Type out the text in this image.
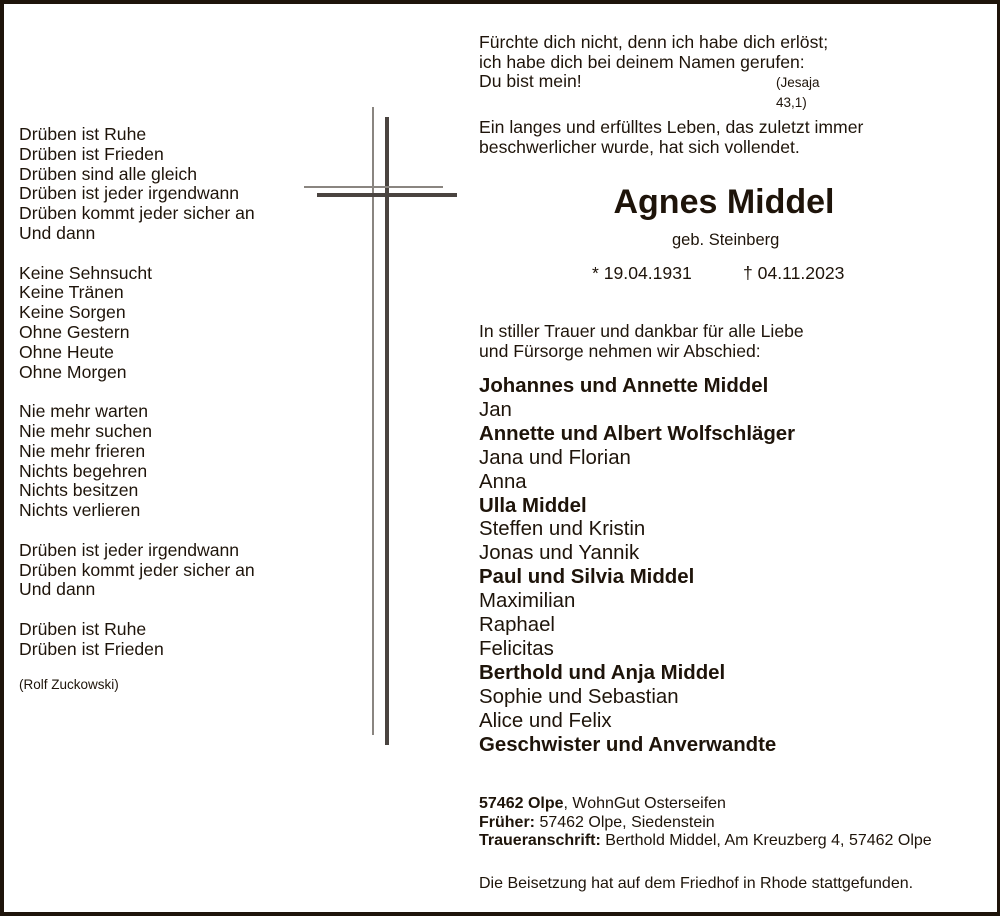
Fürchte dich nicht, denn ich habe dich erlöst;
ich habe dich bei deinem Namen gerufen:
Du bist mein!	(Jesaja 43,1)
Ein langes und erfülltes Leben, das zuletzt immer
beschwerlicher wurde, hat sich vollendet.
Agnes Middel
geb. Steinberg
* 19.04.1931	† 04.11.2023
In stiller Trauer und dankbar für alle Liebe
und Fürsorge nehmen wir Abschied:
Johannes und Annette Middel
Jan
Annette und Albert Wolfschläger
Jana und Florian
Anna
Ulla Middel
Steffen und Kristin
Jonas und Yannik
Paul und Silvia Middel
Maximilian
Raphael
Felicitas
Berthold und Anja Middel
Sophie und Sebastian
Alice und Felix
Geschwister und Anverwandte
Drüben ist Ruhe
Drüben ist Frieden
Drüben sind alle gleich
Drüben ist jeder irgendwann
Drüben kommt jeder sicher an
Und dann
Keine Sehnsucht
Keine Tränen
Keine Sorgen
Ohne Gestern
Ohne Heute
Ohne Morgen
Nie mehr warten
Nie mehr suchen
Nie mehr frieren
Nichts begehren
Nichts besitzen
Nichts verlieren
Drüben ist jeder irgendwann
Drüben kommt jeder sicher an
Und dann
Drüben ist Ruhe
Drüben ist Frieden
(Rolf Zuckowski)
57462 Olpe, WohnGut Osterseifen
Früher: 57462 Olpe, Siedenstein
Traueranschrift: Berthold Middel, Am Kreuzberg 4, 57462 Olpe
Die Beisetzung hat auf dem Friedhof in Rhode stattgefunden.
